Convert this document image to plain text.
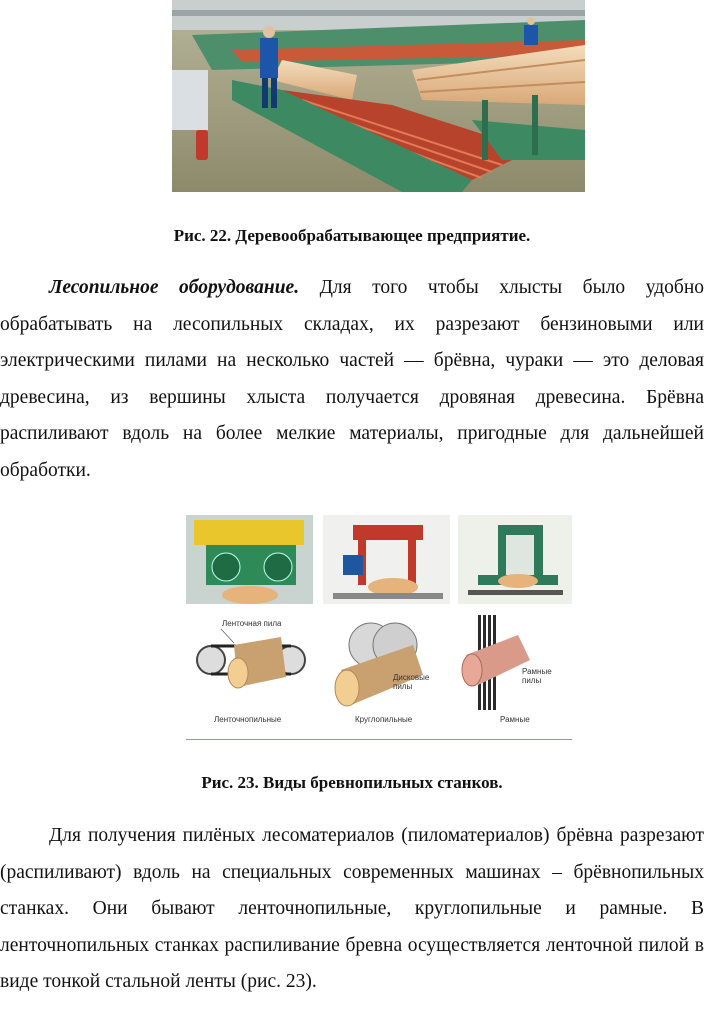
Рис. 22. Деревообрабатывающее предприятие.

Лесопильное оборудование. Для того чтобы хлысты было удобно обрабатывать на лесопильных складах, их разрезают бензиновыми или электрическими пилами на несколько частей — брёвна, чураки — это деловая древесина, из вершины хлыста получается дровяная древесина. Брёвна распиливают вдоль на более мелкие материалы, пригодные для дальнейшей обработки.

Ленточная пила
Ленточнопильные
Дисковые
пилы
Круглопильные
Рамные
пилы
Рамные
Рис. 23. Виды бревнопильных станков.

Для получения пилёных лесоматериалов (пиломатериалов) брёвна разрезают (распиливают) вдоль на специальных современных машинах – брёвнопильных станках. Они бывают ленточнопильные, круглопильные и рамные. В ленточнопильных станках распиливание бревна осуществляется ленточной пилой в виде тонкой стальной ленты (рис. 23).
